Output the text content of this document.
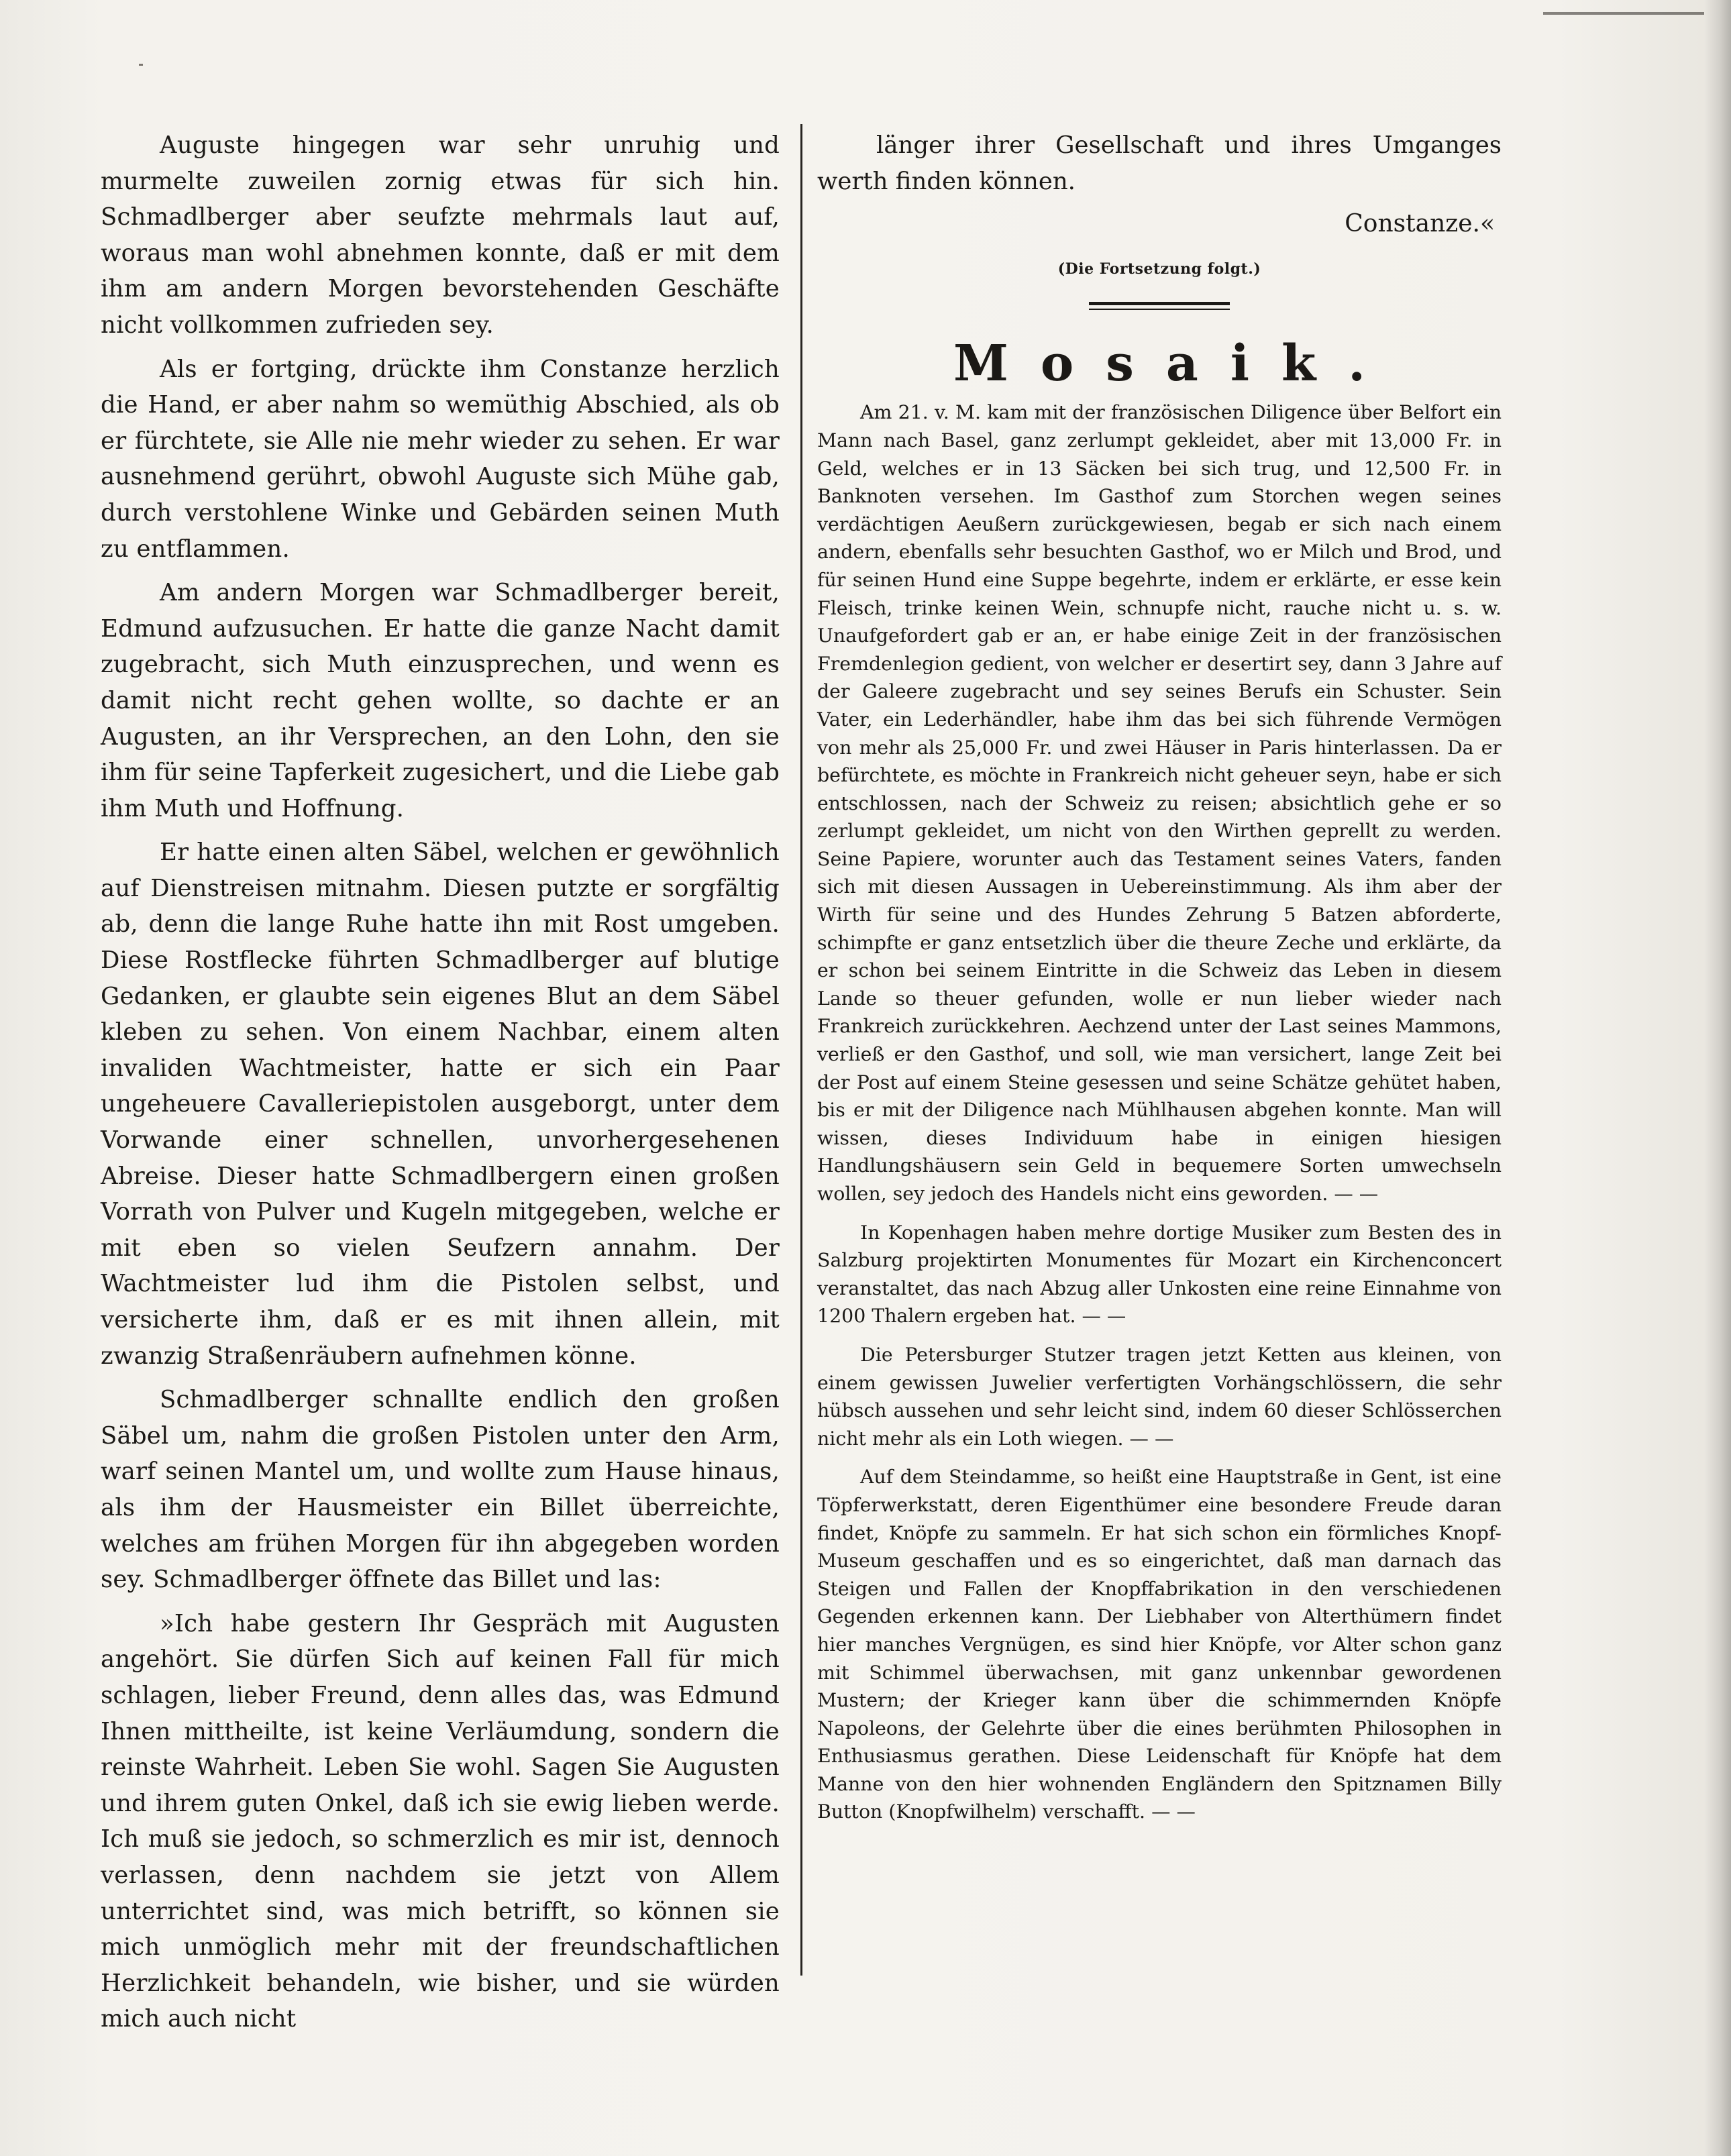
Auguste hingegen war sehr unruhig und murmelte zuweilen zornig etwas für sich hin. Schmadlberger aber seufzte mehrmals laut auf, woraus man wohl abnehmen konnte, daß er mit dem ihm am andern Morgen bevorstehenden Geschäfte nicht vollkommen zufrieden sey.

Als er fortging, drückte ihm Constanze herzlich die Hand, er aber nahm so wemüthig Abschied, als ob er fürchtete, sie Alle nie mehr wieder zu sehen. Er war ausnehmend gerührt, obwohl Auguste sich Mühe gab, durch verstohlene Winke und Gebärden seinen Muth zu entflammen.

Am andern Morgen war Schmadlberger bereit, Edmund aufzusuchen. Er hatte die ganze Nacht damit zugebracht, sich Muth einzusprechen, und wenn es damit nicht recht gehen wollte, so dachte er an Augusten, an ihr Versprechen, an den Lohn, den sie ihm für seine Tapferkeit zugesichert, und die Liebe gab ihm Muth und Hoffnung.

Er hatte einen alten Säbel, welchen er gewöhnlich auf Dienstreisen mitnahm. Diesen putzte er sorgfältig ab, denn die lange Ruhe hatte ihn mit Rost umgeben. Diese Rostflecke führten Schmadlberger auf blutige Gedanken, er glaubte sein eigenes Blut an dem Säbel kleben zu sehen. Von einem Nachbar, einem alten invaliden Wachtmeister, hatte er sich ein Paar ungeheuere Cavalleriepistolen ausgeborgt, unter dem Vorwande einer schnellen, unvorhergesehenen Abreise. Dieser hatte Schmadlbergern einen großen Vorrath von Pulver und Kugeln mitgegeben, welche er mit eben so vielen Seufzern annahm. Der Wachtmeister lud ihm die Pistolen selbst, und versicherte ihm, daß er es mit ihnen allein, mit zwanzig Straßenräubern aufnehmen könne.

Schmadlberger schnallte endlich den großen Säbel um, nahm die großen Pistolen unter den Arm, warf seinen Mantel um, und wollte zum Hause hinaus, als ihm der Hausmeister ein Billet überreichte, welches am frühen Morgen für ihn abgegeben worden sey. Schmadlberger öffnete das Billet und las:

»Ich habe gestern Ihr Gespräch mit Augusten angehört. Sie dürfen Sich auf keinen Fall für mich schlagen, lieber Freund, denn alles das, was Edmund Ihnen mittheilte, ist keine Verläumdung, sondern die reinste Wahrheit. Leben Sie wohl. Sagen Sie Augusten und ihrem guten Onkel, daß ich sie ewig lieben werde. Ich muß sie jedoch, so schmerzlich es mir ist, dennoch verlassen, denn nachdem sie jetzt von Allem unterrichtet sind, was mich betrifft, so können sie mich unmöglich mehr mit der freundschaftlichen Herzlichkeit behandeln, wie bisher, und sie würden mich auch nicht

länger ihrer Gesellschaft und ihres Umganges werth finden können.

Constanze.«
(Die Fortsetzung folgt.)
Mosaik.

Am 21. v. M. kam mit der französischen Diligence über Belfort ein Mann nach Basel, ganz zerlumpt gekleidet, aber mit 13,000 Fr. in Geld, welches er in 13 Säcken bei sich trug, und 12,500 Fr. in Banknoten versehen. Im Gasthof zum Storchen wegen seines verdächtigen Aeußern zurückgewiesen, begab er sich nach einem andern, ebenfalls sehr besuchten Gasthof, wo er Milch und Brod, und für seinen Hund eine Suppe begehrte, indem er erklärte, er esse kein Fleisch, trinke keinen Wein, schnupfe nicht, rauche nicht u. s. w. Unaufgefordert gab er an, er habe einige Zeit in der französischen Fremdenlegion gedient, von welcher er desertirt sey, dann 3 Jahre auf der Galeere zugebracht und sey seines Berufs ein Schuster. Sein Vater, ein Lederhändler, habe ihm das bei sich führende Vermögen von mehr als 25,000 Fr. und zwei Häuser in Paris hinterlassen. Da er befürchtete, es möchte in Frankreich nicht geheuer seyn, habe er sich entschlossen, nach der Schweiz zu reisen; absichtlich gehe er so zerlumpt gekleidet, um nicht von den Wirthen geprellt zu werden. Seine Papiere, worunter auch das Testament seines Vaters, fanden sich mit diesen Aussagen in Uebereinstimmung. Als ihm aber der Wirth für seine und des Hundes Zehrung 5 Batzen abforderte, schimpfte er ganz entsetzlich über die theure Zeche und erklärte, da er schon bei seinem Eintritte in die Schweiz das Leben in diesem Lande so theuer gefunden, wolle er nun lieber wieder nach Frankreich zurückkehren. Aechzend unter der Last seines Mammons, verließ er den Gasthof, und soll, wie man versichert, lange Zeit bei der Post auf einem Steine gesessen und seine Schätze gehütet haben, bis er mit der Diligence nach Mühlhausen abgehen konnte. Man will wissen, dieses Individuum habe in einigen hiesigen Handlungshäusern sein Geld in bequemere Sorten umwechseln wollen, sey jedoch des Handels nicht eins geworden. — —

In Kopenhagen haben mehre dortige Musiker zum Besten des in Salzburg projektirten Monumentes für Mozart ein Kirchenconcert veranstaltet, das nach Abzug aller Unkosten eine reine Einnahme von 1200 Thalern ergeben hat. — —

Die Petersburger Stutzer tragen jetzt Ketten aus kleinen, von einem gewissen Juwelier verfertigten Vorhängschlössern, die sehr hübsch aussehen und sehr leicht sind, indem 60 dieser Schlösserchen nicht mehr als ein Loth wiegen. — —

Auf dem Steindamme, so heißt eine Hauptstraße in Gent, ist eine Töpferwerkstatt, deren Eigenthümer eine besondere Freude daran findet, Knöpfe zu sammeln. Er hat sich schon ein förmliches Knopf-Museum geschaffen und es so eingerichtet, daß man darnach das Steigen und Fallen der Knopffabrikation in den verschiedenen Gegenden erkennen kann. Der Liebhaber von Alterthümern findet hier manches Vergnügen, es sind hier Knöpfe, vor Alter schon ganz mit Schimmel überwachsen, mit ganz unkennbar gewordenen Mustern; der Krieger kann über die schimmernden Knöpfe Napoleons, der Gelehrte über die eines berühmten Philosophen in Enthusiasmus gerathen. Diese Leidenschaft für Knöpfe hat dem Manne von den hier wohnenden Engländern den Spitznamen Billy Button (Knopfwilhelm) verschafft. — —
